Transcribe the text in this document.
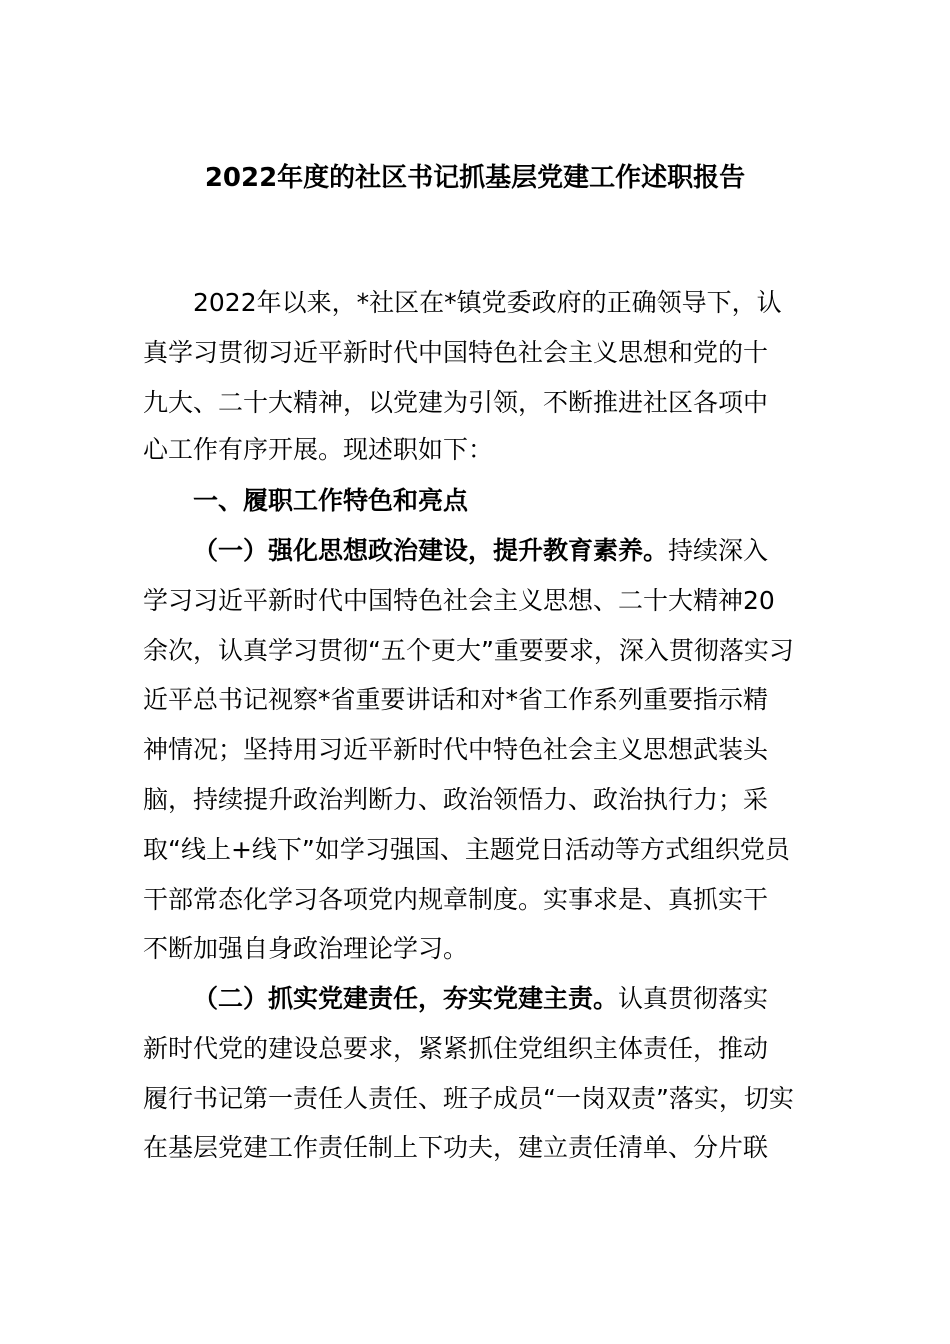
2022年度的社区书记抓基层党建工作述职报告
2022年以来，*社区在*镇党委政府的正确领导下，认
真学习贯彻习近平新时代中国特色社会主义思想和党的十
九大、二十大精神，以党建为引领，不断推进社区各项中
心工作有序开展。现述职如下：
一、履职工作特色和亮点
（一）强化思想政治建设，提升教育素养。持续深入
学习习近平新时代中国特色社会主义思想、二十大精神20
余次，认真学习贯彻“五个更大”重要要求，深入贯彻落实习
近平总书记视察*省重要讲话和对*省工作系列重要指示精
神情况；坚持用习近平新时代中特色社会主义思想武装头
脑，持续提升政治判断力、政治领悟力、政治执行力；采
取“线上+线下”如学习强国、主题党日活动等方式组织党员
干部常态化学习各项党内规章制度。实事求是、真抓实干
不断加强自身政治理论学习。
（二）抓实党建责任，夯实党建主责。认真贯彻落实
新时代党的建设总要求，紧紧抓住党组织主体责任，推动
履行书记第一责任人责任、班子成员“一岗双责”落实，切实
在基层党建工作责任制上下功夫，建立责任清单、分片联
